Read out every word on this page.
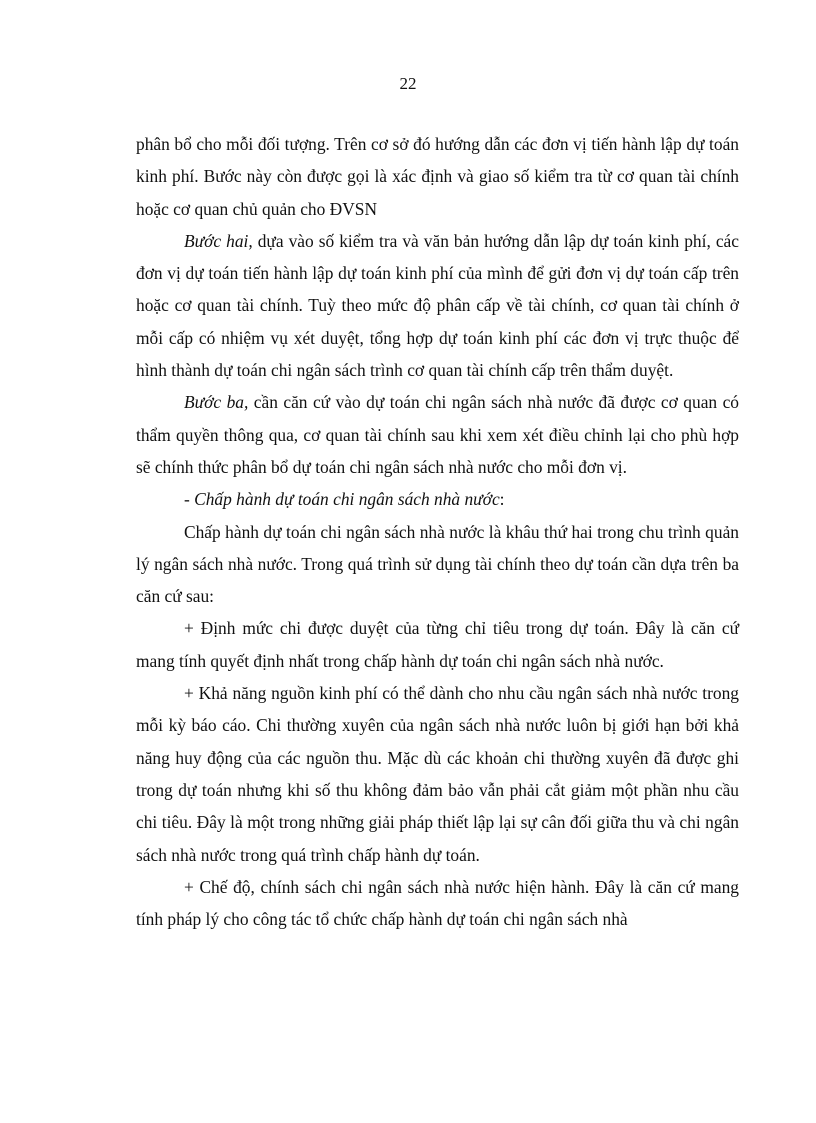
22

phân bổ cho mỗi đối tượng. Trên cơ sở đó hướng dẫn các đơn vị tiến hành lập dự toán kinh phí. Bước này còn được gọi là xác định và giao số kiểm tra từ cơ quan tài chính hoặc cơ quan chủ quản cho ĐVSN

Bước hai, dựa vào số kiểm tra và văn bản hướng dẫn lập dự toán kinh phí, các đơn vị dự toán tiến hành lập dự toán kinh phí của mình để gửi đơn vị dự toán cấp trên hoặc cơ quan tài chính. Tuỳ theo mức độ phân cấp về tài chính, cơ quan tài chính ở mỗi cấp có nhiệm vụ xét duyệt, tổng hợp dự toán kinh phí các đơn vị trực thuộc để hình thành dự toán chi ngân sách trình cơ quan tài chính cấp trên thẩm duyệt.

Bước ba, cần căn cứ vào dự toán chi ngân sách nhà nước đã được cơ quan có thẩm quyền thông qua, cơ quan tài chính sau khi xem xét điều chỉnh lại cho phù hợp sẽ chính thức phân bổ dự toán chi ngân sách nhà nước cho mỗi đơn vị.

- Chấp hành dự toán chi ngân sách nhà nước:

Chấp hành dự toán chi ngân sách nhà nước là khâu thứ hai trong chu trình quản lý ngân sách nhà nước. Trong quá trình sử dụng tài chính theo dự toán cần dựa trên ba căn cứ sau:

+ Định mức chi được duyệt của từng chỉ tiêu trong dự toán. Đây là căn cứ mang tính quyết định nhất trong chấp hành dự toán chi ngân sách nhà nước.

+ Khả năng nguồn kinh phí có thể dành cho nhu cầu ngân sách nhà nước trong mỗi kỳ báo cáo. Chi thường xuyên của ngân sách nhà nước luôn bị giới hạn bởi khả năng huy động của các nguồn thu. Mặc dù các khoản chi thường xuyên đã được ghi trong dự toán nhưng khi số thu không đảm bảo vẫn phải cắt giảm một phần nhu cầu chi tiêu. Đây là một trong những giải pháp thiết lập lại sự cân đối giữa thu và chi ngân sách nhà nước trong quá trình chấp hành dự toán.

+ Chế độ, chính sách chi ngân sách nhà nước hiện hành. Đây là căn cứ mang tính pháp lý cho công tác tổ chức chấp hành dự toán chi ngân sách nhà
